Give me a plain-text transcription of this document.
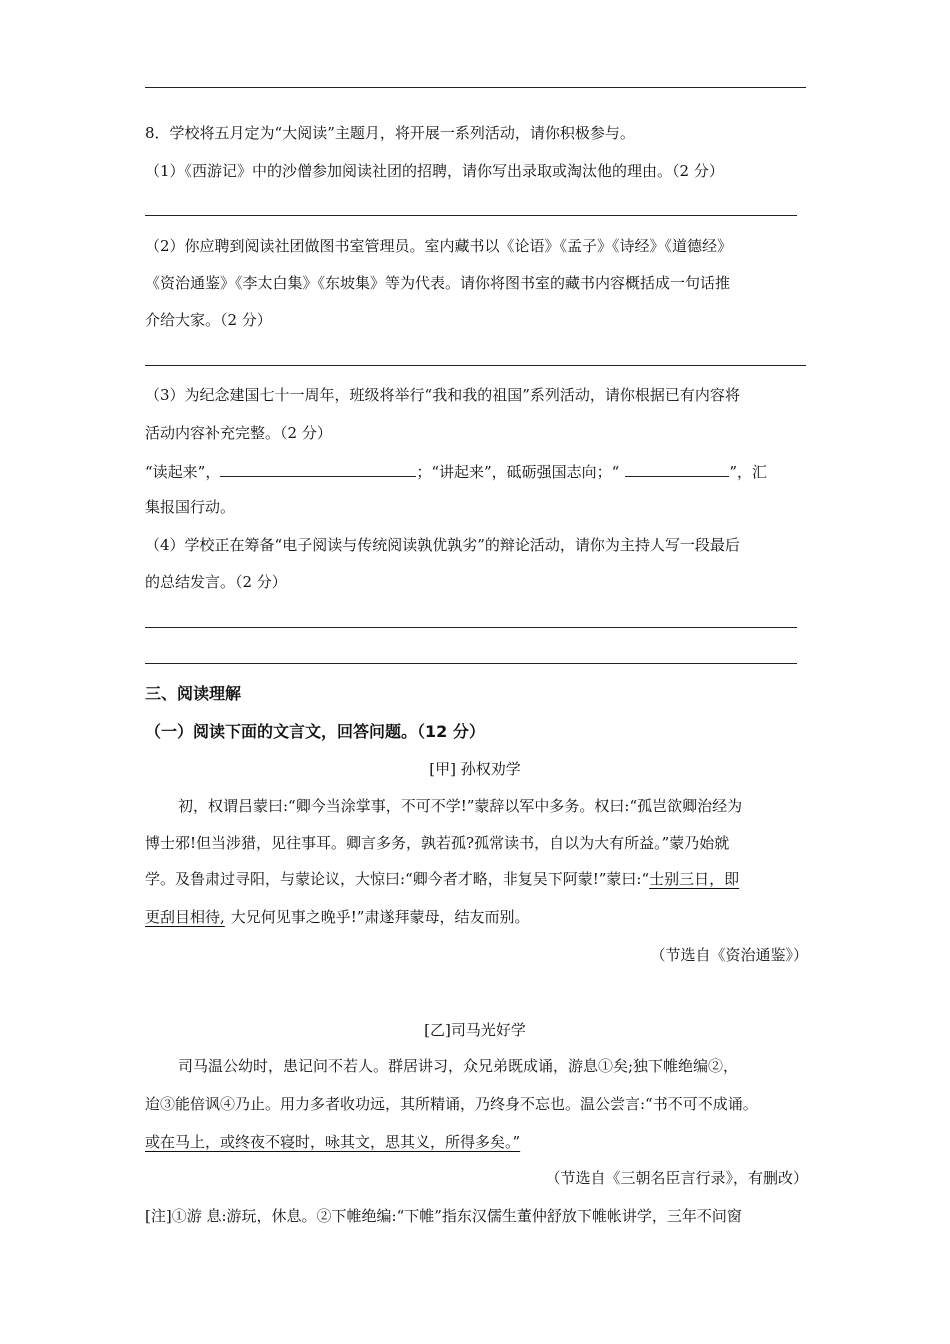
8．学校将五月定为“大阅读”主题月，将开展一系列活动，请你积极参与。
（1）《西游记》中的沙僧参加阅读社团的招聘，请你写出录取或淘汰他的理由。（2 分）
（2）你应聘到阅读社团做图书室管理员。室内藏书以《论语》《孟子》《诗经》《道德经》
《资治通鉴》《李太白集》《东坡集》等为代表。请你将图书室的藏书内容概括成一句话推
介给大家。（2 分）
（3）为纪念建国七十一周年，班级将举行“我和我的祖国”系列活动，请你根据已有内容将
活动内容补充完整。（2 分）
“读起来”，	；“讲起来”，砥砺强国志向；“	”，汇
集报国行动。
（4）学校正在筹备“电子阅读与传统阅读孰优孰劣”的辩论活动，请你为主持人写一段最后
的总结发言。（2 分）
三、阅读理解
（一）阅读下面的文言文，回答问题。（12 分）
[甲] 孙权劝学
初，权谓吕蒙曰:“卿今当涂掌事，不可不学!”蒙辞以军中多务。权曰:“孤岂欲卿治经为
博士邪!但当涉猎，见往事耳。卿言多务，孰若孤?孤常读书，自以为大有所益。”蒙乃始就
学。及鲁肃过寻阳，与蒙论议，大惊曰:“卿今者才略，非复吴下阿蒙!”蒙曰:“士别三日，即
更刮目相待, 大兄何见事之晚乎!”肃遂拜蒙母，结友而别。
（节选自《资治通鉴》）
[乙]司马光好学
司马温公幼时，患记问不若人。群居讲习，众兄弟既成诵，游息①矣;独下帷绝编②，
迨③能倍讽④乃止。用力多者收功远，其所精诵，乃终身不忘也。温公尝言:“书不可不成诵。
或在马上，或终夜不寝时，咏其文，思其义，所得多矣。”
（节选自《三朝名臣言行录》，有删改）
[注]①游 息:游玩，休息。②下帷绝编:“下帷”指东汉儒生董仲舒放下帷帐讲学，三年不问窗
